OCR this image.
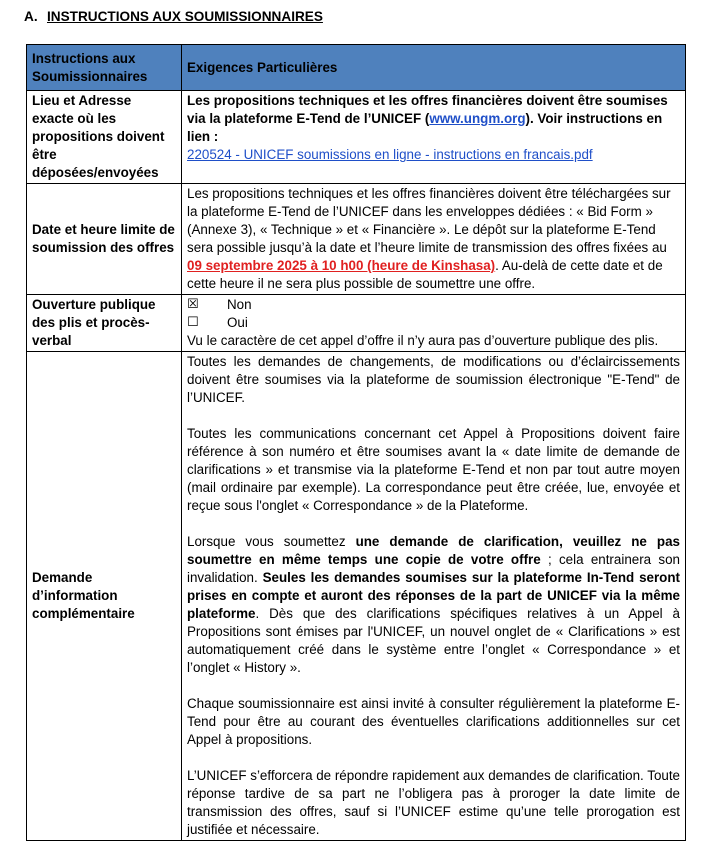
A. INSTRUCTIONS AUX SOUMISSIONNAIRES
Instructions aux Soumissionnaires	Exigences Particulières
Lieu et Adresse exacte où les propositions doivent être déposées/envoyées	Les propositions techniques et les offres financières doivent être soumises via la plateforme E-Tend de l’UNICEF (www.ungm.org). Voir instructions en lien :
220524 - UNICEF soumissions en ligne - instructions en francais.pdf
Date et heure limite de soumission des offres	Les propositions techniques et les offres financières doivent être téléchargées sur la plateforme E-Tend de l’UNICEF dans les enveloppes dédiées : « Bid Form » (Annexe 3), « Technique » et « Financière ». Le dépôt sur la plateforme E-Tend sera possible jusqu’à la date et l’heure limite de transmission des offres fixées au 09 septembre 2025 à 10 h00 (heure de Kinshasa). Au-delà de cette date et de cette heure il ne sera plus possible de soumettre une offre.
Ouverture publique des plis et procès-verbal	☒ Non
☐ Oui
Vu le caractère de cet appel d’offre il n’y aura pas d’ouverture publique des plis.

Demande d’information complémentaire	Toutes les demandes de changements, de modifications ou d’éclaircissements doivent être soumises via la plateforme de soumission électronique "E-Tend" de l’UNICEF.

Toutes les communications concernant cet Appel à Propositions doivent faire référence à son numéro et être soumises avant la « date limite de demande de clarifications » et transmise via la plateforme E-Tend et non par tout autre moyen (mail ordinaire par exemple). La correspondance peut être créée, lue, envoyée et reçue sous l'onglet « Correspondance » de la Plateforme.

Lorsque vous soumettez une demande de clarification, veuillez ne pas soumettre en même temps une copie de votre offre ; cela entrainera son invalidation. Seules les demandes soumises sur la plateforme In-Tend seront prises en compte et auront des réponses de la part de UNICEF via la même plateforme. Dès que des clarifications spécifiques relatives à un Appel à Propositions sont émises par l'UNICEF, un nouvel onglet de « Clarifications » est automatiquement créé dans le système entre l’onglet « Correspondance » et l’onglet « History ».

Chaque soumissionnaire est ainsi invité à consulter régulièrement la plateforme E-Tend pour être au courant des éventuelles clarifications additionnelles sur cet Appel à propositions.

L’UNICEF s’efforcera de répondre rapidement aux demandes de clarification. Toute réponse tardive de sa part ne l’obligera pas à proroger la date limite de transmission des offres, sauf si l’UNICEF estime qu’une telle prorogation est justifiée et nécessaire.
